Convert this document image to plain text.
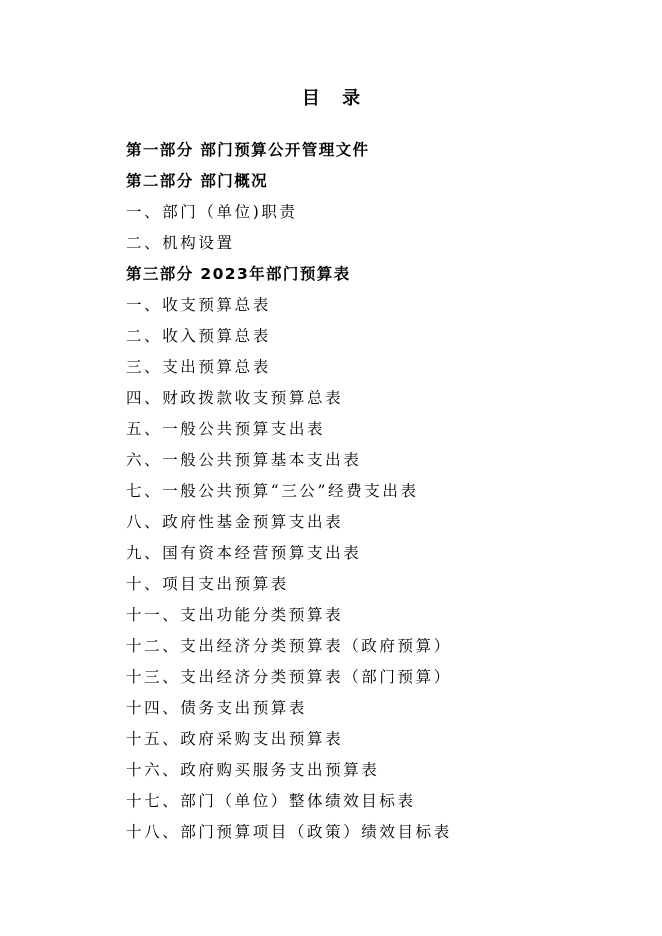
目 录
第一部分 部门预算公开管理文件
第二部分 部门概况
一、部门（单位)职责
二、机构设置
第三部分 2023年部门预算表
一、收支预算总表
二、收入预算总表
三、支出预算总表
四、财政拨款收支预算总表
五、一般公共预算支出表
六、一般公共预算基本支出表
七、一般公共预算“三公”经费支出表
八、政府性基金预算支出表
九、国有资本经营预算支出表
十、项目支出预算表
十一、支出功能分类预算表
十二、支出经济分类预算表（政府预算）
十三、支出经济分类预算表（部门预算）
十四、债务支出预算表
十五、政府采购支出预算表
十六、政府购买服务支出预算表
十七、部门（单位）整体绩效目标表
十八、部门预算项目（政策）绩效目标表
